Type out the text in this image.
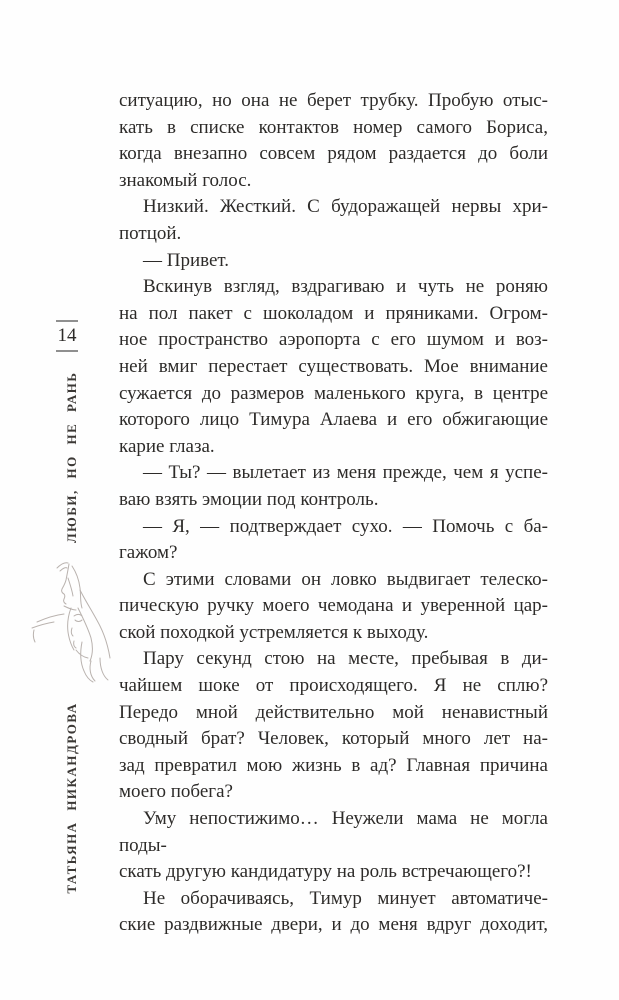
14
ЛЮБИ, НО НЕ РАНЬ
ТАТЬЯНА НИКАНДРОВА
ситуацию, но она не берет трубку. Пробую отыс-
кать в списке контактов номер самого Бориса,
когда внезапно совсем рядом раздается до боли
знакомый голос.
Низкий. Жесткий. С будоражащей нервы хри-
потцой.
— Привет.
Вскинув взгляд, вздрагиваю и чуть не роняю
на пол пакет с шоколадом и пряниками. Огром-
ное пространство аэропорта с его шумом и воз-
ней вмиг перестает существовать. Мое внимание
сужается до размеров маленького круга, в центре
которого лицо Тимура Алаева и его обжигающие
карие глаза.
— Ты? — вылетает из меня прежде, чем я успе-
ваю взять эмоции под контроль.
— Я, — подтверждает сухо. — Помочь с ба-
гажом?
С этими словами он ловко выдвигает телеско-
пическую ручку моего чемодана и уверенной цар-
ской походкой устремляется к выходу.
Пару секунд стою на месте, пребывая в ди-
чайшем шоке от происходящего. Я не сплю?
Передо мной действительно мой ненавистный
сводный брат? Человек, который много лет на-
зад превратил мою жизнь в ад? Главная причина
моего побега?
Уму непостижимо… Неужели мама не могла поды-
скать другую кандидатуру на роль встречающего?!
Не оборачиваясь, Тимур минует автоматиче-
ские раздвижные двери, и до меня вдруг доходит,
